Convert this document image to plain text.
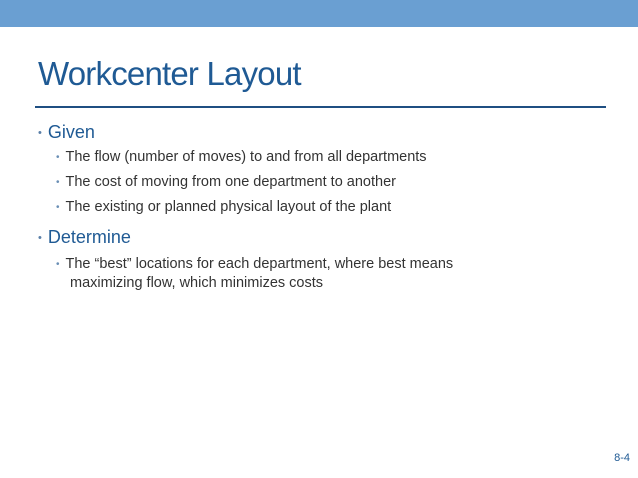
Workcenter Layout
• Given
• The flow (number of moves) to and from all departments
• The cost of moving from one department to another
• The existing or planned physical layout of the plant
• Determine
• The “best” locations for each department, where best means
maximizing flow, which minimizes costs
8-4
